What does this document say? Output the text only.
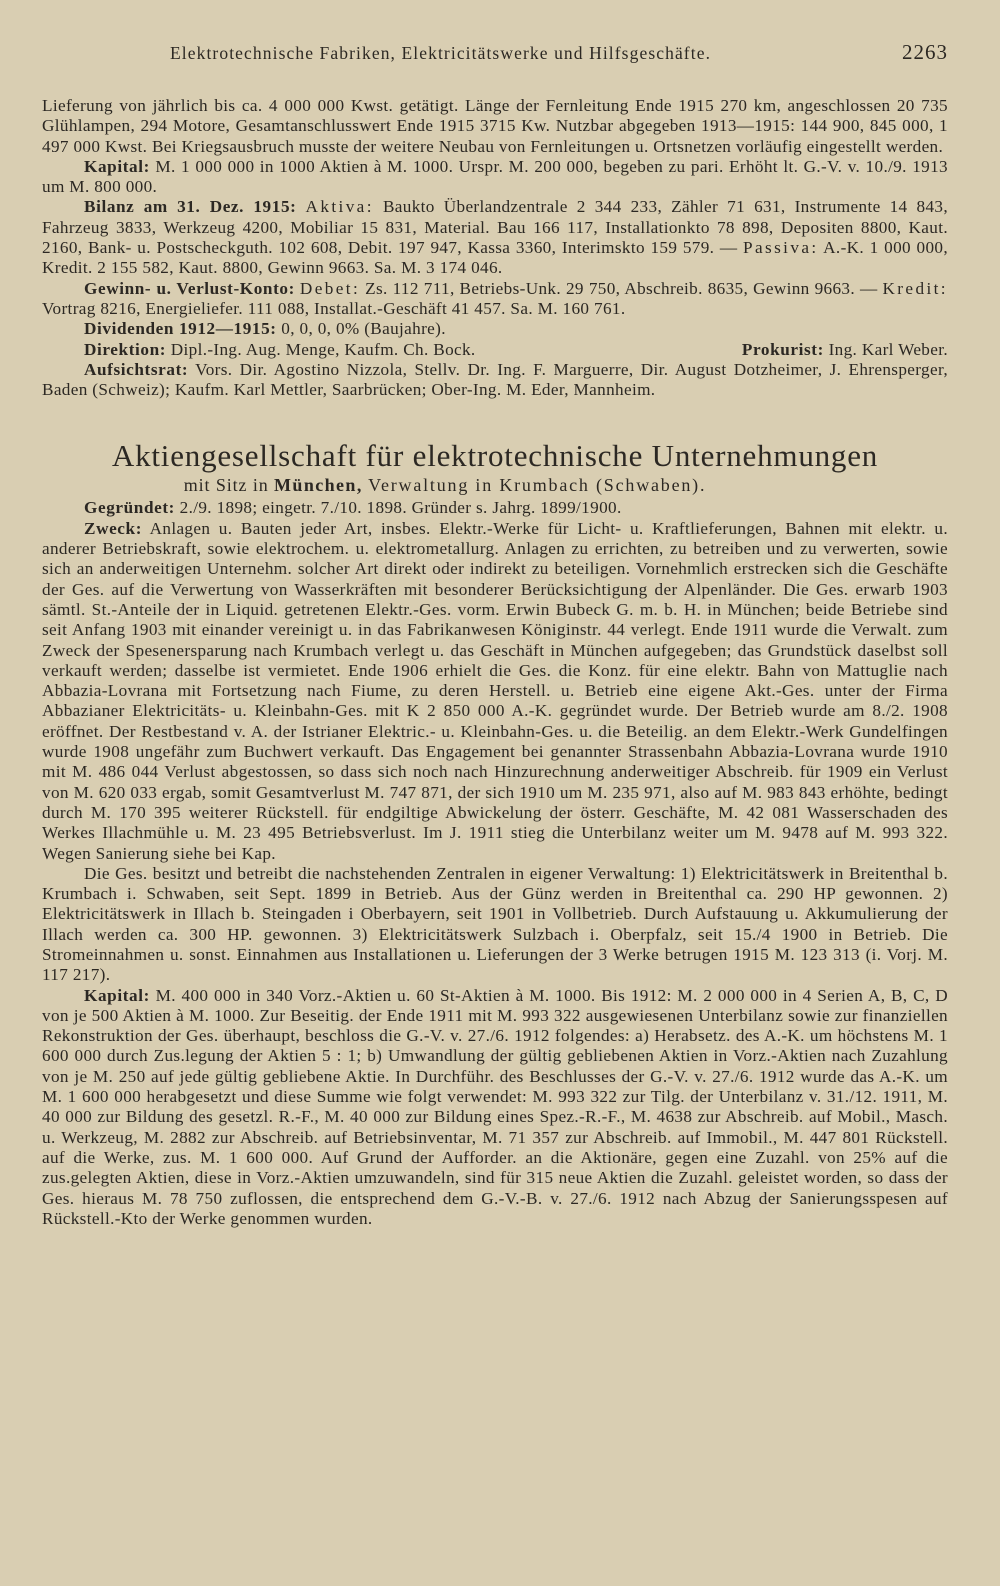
Elektrotechnische Fabriken, Elektricitätswerke und Hilfsgeschäfte.	2263

Lieferung von jährlich bis ca. 4 000 000 Kwst. getätigt. Länge der Fernleitung Ende 1915 270 km, angeschlossen 20 735 Glühlampen, 294 Motore, Gesamtanschlusswert Ende 1915 3715 Kw. Nutzbar abgegeben 1913—1915: 144 900, 845 000, 1 497 000 Kwst. Bei Kriegsausbruch musste der weitere Neubau von Fernleitungen u. Ortsnetzen vorläufig eingestellt werden.

Kapital: M. 1 000 000 in 1000 Aktien à M. 1000. Urspr. M. 200 000, begeben zu pari. Erhöht lt. G.-V. v. 10./9. 1913 um M. 800 000.

Bilanz am 31. Dez. 1915: Aktiva: Baukto Überlandzentrale 2 344 233, Zähler 71 631, Instrumente 14 843, Fahrzeug 3833, Werkzeug 4200, Mobiliar 15 831, Material. Bau 166 117, Installationkto 78 898, Depositen 8800, Kaut. 2160, Bank- u. Postscheckguth. 102 608, Debit. 197 947, Kassa 3360, Interimskto 159 579. — Passiva: A.-K. 1 000 000, Kredit. 2 155 582, Kaut. 8800, Gewinn 9663. Sa. M. 3 174 046.

Gewinn- u. Verlust-Konto: Debet: Zs. 112 711, Betriebs-Unk. 29 750, Abschreib. 8635, Gewinn 9663. — Kredit: Vortrag 8216, Energieliefer. 111 088, Installat.-Geschäft 41 457. Sa. M. 160 761.

Dividenden 1912—1915: 0, 0, 0, 0% (Baujahre).

Direktion: Dipl.-Ing. Aug. Menge, Kaufm. Ch. Bock.	Prokurist: Ing. Karl Weber.

Aufsichtsrat: Vors. Dir. Agostino Nizzola, Stellv. Dr. Ing. F. Marguerre, Dir. August Dotzheimer, J. Ehrensperger, Baden (Schweiz); Kaufm. Karl Mettler, Saarbrücken; Ober-Ing. M. Eder, Mannheim.

Aktiengesellschaft für elektrotechnische Unternehmungen
mit Sitz in München, Verwaltung in Krumbach (Schwaben).

Gegründet: 2./9. 1898; eingetr. 7./10. 1898. Gründer s. Jahrg. 1899/1900.

Zweck: Anlagen u. Bauten jeder Art, insbes. Elektr.-Werke für Licht- u. Kraftlieferungen, Bahnen mit elektr. u. anderer Betriebskraft, sowie elektrochem. u. elektrometallurg. Anlagen zu errichten, zu betreiben und zu verwerten, sowie sich an anderweitigen Unternehm. solcher Art direkt oder indirekt zu beteiligen. Vornehmlich erstrecken sich die Geschäfte der Ges. auf die Verwertung von Wasserkräften mit besonderer Berücksichtigung der Alpenländer. Die Ges. erwarb 1903 sämtl. St.-Anteile der in Liquid. getretenen Elektr.-Ges. vorm. Erwin Bubeck G. m. b. H. in München; beide Betriebe sind seit Anfang 1903 mit einander vereinigt u. in das Fabrikanwesen Königinstr. 44 verlegt. Ende 1911 wurde die Verwalt. zum Zweck der Spesenersparung nach Krumbach verlegt u. das Geschäft in München aufgegeben; das Grundstück daselbst soll verkauft werden; dasselbe ist vermietet. Ende 1906 erhielt die Ges. die Konz. für eine elektr. Bahn von Mattuglie nach Abbazia-Lovrana mit Fortsetzung nach Fiume, zu deren Herstell. u. Betrieb eine eigene Akt.-Ges. unter der Firma Abbazianer Elektricitäts- u. Kleinbahn-Ges. mit K 2 850 000 A.-K. gegründet wurde. Der Betrieb wurde am 8./2. 1908 eröffnet. Der Restbestand v. A. der Istrianer Elektric.- u. Kleinbahn-Ges. u. die Beteilig. an dem Elektr.-Werk Gundelfingen wurde 1908 ungefähr zum Buchwert verkauft. Das Engagement bei genannter Strassenbahn Abbazia-Lovrana wurde 1910 mit M. 486 044 Verlust abgestossen, so dass sich noch nach Hinzurechnung anderweitiger Abschreib. für 1909 ein Verlust von M. 620 033 ergab, somit Gesamtverlust M. 747 871, der sich 1910 um M. 235 971, also auf M. 983 843 erhöhte, bedingt durch M. 170 395 weiterer Rückstell. für endgiltige Abwickelung der österr. Geschäfte, M. 42 081 Wasserschaden des Werkes Illachmühle u. M. 23 495 Betriebsverlust. Im J. 1911 stieg die Unterbilanz weiter um M. 9478 auf M. 993 322. Wegen Sanierung siehe bei Kap.

Die Ges. besitzt und betreibt die nachstehenden Zentralen in eigener Verwaltung: 1) Elektricitätswerk in Breitenthal b. Krumbach i. Schwaben, seit Sept. 1899 in Betrieb. Aus der Günz werden in Breitenthal ca. 290 HP gewonnen. 2) Elektricitätswerk in Illach b. Steingaden i Oberbayern, seit 1901 in Vollbetrieb. Durch Aufstauung u. Akkumulierung der Illach werden ca. 300 HP. gewonnen. 3) Elektricitätswerk Sulzbach i. Oberpfalz, seit 15./4 1900 in Betrieb. Die Stromeinnahmen u. sonst. Einnahmen aus Installationen u. Lieferungen der 3 Werke betrugen 1915 M. 123 313 (i. Vorj. M. 117 217).

Kapital: M. 400 000 in 340 Vorz.-Aktien u. 60 St-Aktien à M. 1000. Bis 1912: M. 2 000 000 in 4 Serien A, B, C, D von je 500 Aktien à M. 1000. Zur Beseitig. der Ende 1911 mit M. 993 322 ausgewiesenen Unterbilanz sowie zur finanziellen Rekonstruktion der Ges. überhaupt, beschloss die G.-V. v. 27./6. 1912 folgendes: a) Herabsetz. des A.-K. um höchstens M. 1 600 000 durch Zus.legung der Aktien 5 : 1; b) Umwandlung der gültig gebliebenen Aktien in Vorz.-Aktien nach Zuzahlung von je M. 250 auf jede gültig gebliebene Aktie. In Durchführ. des Beschlusses der G.-V. v. 27./6. 1912 wurde das A.-K. um M. 1 600 000 herabgesetzt und diese Summe wie folgt verwendet: M. 993 322 zur Tilg. der Unterbilanz v. 31./12. 1911, M. 40 000 zur Bildung des gesetzl. R.-F., M. 40 000 zur Bildung eines Spez.-R.-F., M. 4638 zur Abschreib. auf Mobil., Masch. u. Werkzeug, M. 2882 zur Abschreib. auf Betriebsinventar, M. 71 357 zur Abschreib. auf Immobil., M. 447 801 Rückstell. auf die Werke, zus. M. 1 600 000. Auf Grund der Aufforder. an die Aktionäre, gegen eine Zuzahl. von 25% auf die zus.gelegten Aktien, diese in Vorz.-Aktien umzuwandeln, sind für 315 neue Aktien die Zuzahl. geleistet worden, so dass der Ges. hieraus M. 78 750 zuflossen, die entsprechend dem G.-V.-B. v. 27./6. 1912 nach Abzug der Sanierungsspesen auf Rückstell.-Kto der Werke genommen wurden.
